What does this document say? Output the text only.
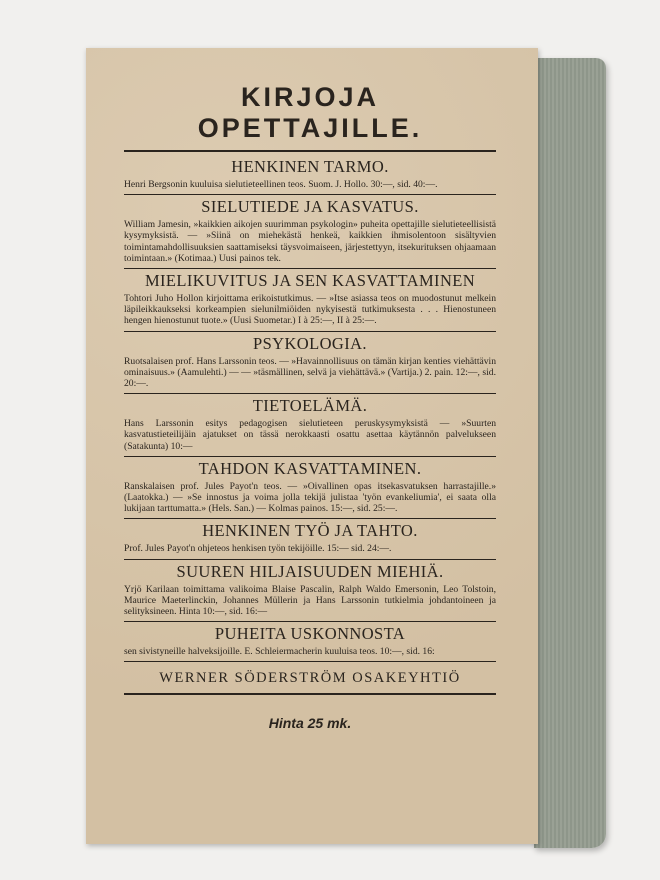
KIRJOJA OPETTAJILLE.
HENKINEN TARMO.
Henri Bergsonin kuuluisa sielutieteellinen teos. Suom. J. Hollo. 30:—, sid. 40:—.
SIELUTIEDE JA KASVATUS.
William Jamesin, »kaikkien aikojen suurimman psykologin» puheita opettajille sielutieteellisistä kysymyksistä. — »Siinä on miehekästä henkeä, kaikkien ihmisolentoon sisältyvien toimintamahdollisuuksien saattamiseksi täysvoimaiseen, järjestettyyn, itsekurituksen ohjaamaan toimintaan.» (Kotimaa.) Uusi painos tek.
MIELIKUVITUS JA SEN KASVATTAMINEN
Tohtori Juho Hollon kirjoittama erikoistutkimus. — »Itse asiassa teos on muodostunut melkein läpileikkaukseksi korkeampien sielunilmiöiden nykyisestä tutkimuksesta . . . Hienostuneen hengen hienostunut tuote.» (Uusi Suometar.) I à 25:—, II à 25:—.
PSYKOLOGIA.
Ruotsalaisen prof. Hans Larssonin teos. — »Havainnollisuus on tämän kirjan kenties viehättävin ominaisuus.» (Aamulehti.) — — »täsmällinen, selvä ja viehättävä.» (Vartija.) 2. pain. 12:—, sid. 20:—.
TIETOELÄMÄ.
Hans Larssonin esitys pedagogisen sielutieteen peruskysymyksistä — »Suurten kasvatustieteilijäin ajatukset on tässä nerokkaasti osattu asettaa käytännön palvelukseen (Satakunta) 10:—
TAHDON KASVATTAMINEN.
Ranskalaisen prof. Jules Payot'n teos. — »Oivallinen opas itsekasvatuksen harrastajille.» (Laatokka.) — »Se innostus ja voima jolla tekijä julistaa 'työn evankeliumia', ei saata olla lukijaan tarttumatta.» (Hels. San.) — Kolmas painos. 15:—, sid. 25:—.
HENKINEN TYÖ JA TAHTO.
Prof. Jules Payot'n ohjeteos henkisen työn tekijöille. 15:— sid. 24:—.
SUUREN HILJAISUUDEN MIEHIÄ.
Yrjö Karilaan toimittama valikoima Blaise Pascalin, Ralph Waldo Emersonin, Leo Tolstoin, Maurice Maeterlinckin, Johannes Müllerin ja Hans Larssonin tutkielmia johdantoineen ja selityksineen. Hinta 10:—, sid. 16:—
PUHEITA USKONNOSTA
sen sivistyneille halveksijoille. E. Schleiermacherin kuuluisa teos. 10:—, sid. 16:
WERNER SÖDERSTRÖM OSAKEYHTIÖ
Hinta 25 mk.
